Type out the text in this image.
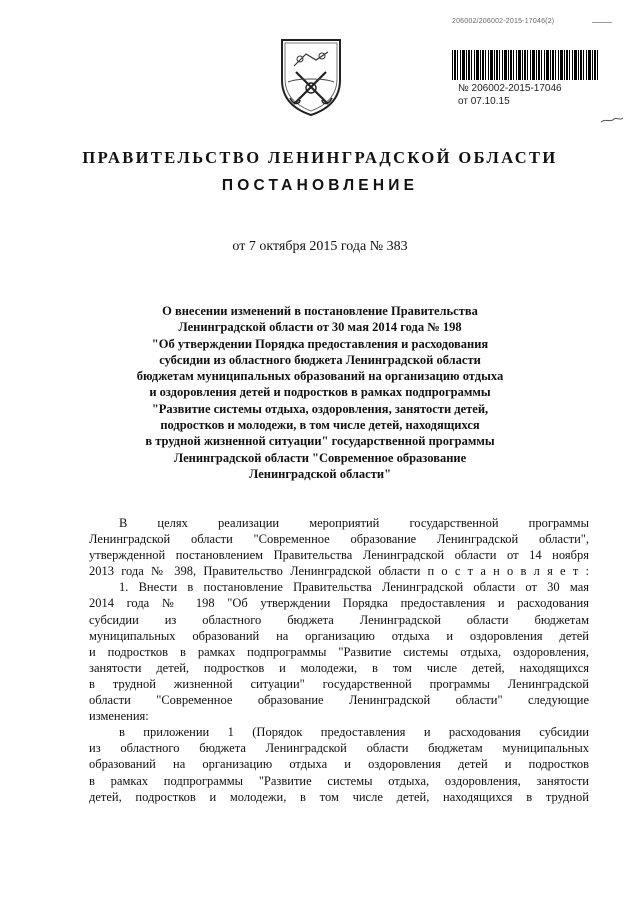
206002/206002-2015-17046(2)
№ 206002-2015-17046
от 07.10.15
ПРАВИТЕЛЬСТВО ЛЕНИНГРАДСКОЙ ОБЛАСТИ
ПОСТАНОВЛЕНИЕ
от 7 октября 2015 года № 383
О внесении изменений в постановление Правительства
Ленинградской области от 30 мая 2014 года № 198
"Об утверждении Порядка предоставления и расходования
субсидии из областного бюджета Ленинградской области
бюджетам муниципальных образований на организацию отдыха
и оздоровления детей и подростков в рамках подпрограммы
"Развитие системы отдыха, оздоровления, занятости детей,
подростков и молодежи, в том числе детей, находящихся
в трудной жизненной ситуации" государственной программы
Ленинградской области "Современное образование
Ленинградской области"
В целях реализации мероприятий государственной программы
Ленинградской области "Современное образование Ленинградской области",
утвержденной постановлением Правительства Ленинградской области от 14 ноября
2013 года № 398, Правительство Ленинградской области п о с т а н о в л я е т :
1. Внести в постановление Правительства Ленинградской области от 30 мая
2014 года № 198 "Об утверждении Порядка предоставления и расходования
субсидии из областного бюджета Ленинградской области бюджетам
муниципальных образований на организацию отдыха и оздоровления детей
и подростков в рамках подпрограммы "Развитие системы отдыха, оздоровления,
занятости детей, подростков и молодежи, в том числе детей, находящихся
в трудной жизненной ситуации" государственной программы Ленинградской
области "Современное образование Ленинградской области" следующие
изменения:
в приложении 1 (Порядок предоставления и расходования субсидии
из областного бюджета Ленинградской области бюджетам муниципальных
образований на организацию отдыха и оздоровления детей и подростков
в рамках подпрограммы "Развитие системы отдыха, оздоровления, занятости
детей, подростков и молодежи, в том числе детей, находящихся в трудной
